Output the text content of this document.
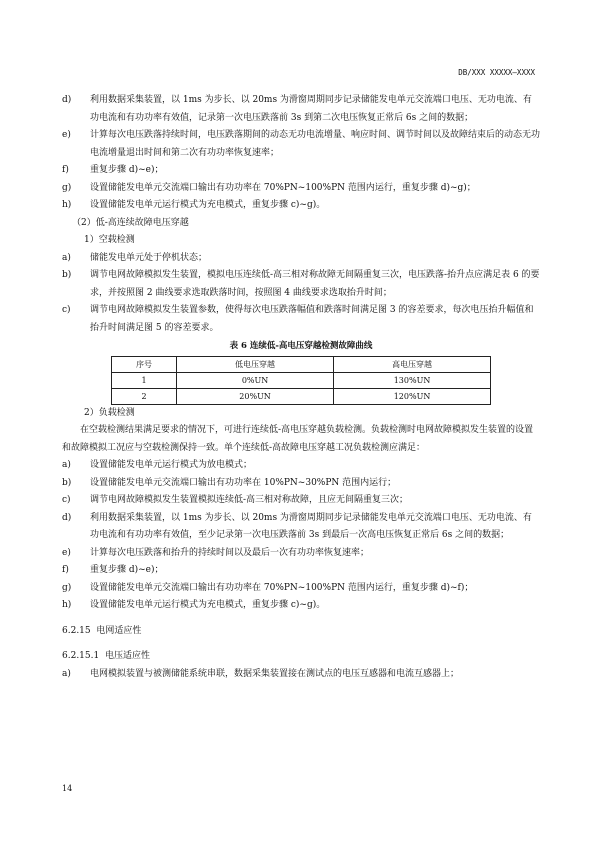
DB/XXX XXXXX—XXXX
d)	利用数据采集装置，以 1ms 为步长、以 20ms 为滑窗周期同步记录储能发电单元交流端口电压、无功电流、有功电流和有功功率有效值，记录第一次电压跌落前 3s 到第二次电压恢复正常后 6s 之间的数据；
e)	计算每次电压跌落持续时间，电压跌落期间的动态无功电流增量、响应时间、调节时间以及故障结束后的动态无功电流增量退出时间和第二次有功功率恢复速率；
f)	重复步骤 d)~e)；
g)	设置储能发电单元交流端口输出有功功率在 70%PN~100%PN 范围内运行，重复步骤 d)~g)；
h)	设置储能发电单元运行模式为充电模式，重复步骤 c)~g)。
（2）低-高连续故障电压穿越
1）空载检测
a)	储能发电单元处于停机状态；
b)	调节电网故障模拟发生装置，模拟电压连续低-高三相对称故障无间隔重复三次，电压跌落-抬升点应满足表 6 的要求，并按照图 2 曲线要求选取跌落时间，按照图 4 曲线要求选取抬升时间；
c)	调节电网故障模拟发生装置参数，使得每次电压跌落幅值和跌落时间满足图 3 的容差要求，每次电压抬升幅值和抬升时间满足图 5 的容差要求。
表 6 连续低-高电压穿越检测故障曲线
序号	低电压穿越	高电压穿越
1	0%UN	130%UN
2	20%UN	120%UN
2）负载检测
在空载检测结果满足要求的情况下，可进行连续低-高电压穿越负载检测。负载检测时电网故障模拟发生装置的设置和故障模拟工况应与空载检测保持一致。单个连续低-高故障电压穿越工况负载检测应满足：
a)	设置储能发电单元运行模式为放电模式；
b)	设置储能发电单元交流端口输出有功功率在 10%PN~30%PN 范围内运行；
c)	调节电网故障模拟发生装置模拟连续低-高三相对称故障，且应无间隔重复三次；
d)	利用数据采集装置，以 1ms 为步长、以 20ms 为滑窗周期同步记录储能发电单元交流端口电压、无功电流、有功电流和有功功率有效值，至少记录第一次电压跌落前 3s 到最后一次高电压恢复正常后 6s 之间的数据；
e)	计算每次电压跌落和抬升的持续时间以及最后一次有功功率恢复速率；
f)	重复步骤 d)~e)；
g)	设置储能发电单元交流端口输出有功功率在 70%PN~100%PN 范围内运行，重复步骤 d)~f)；
h)	设置储能发电单元运行模式为充电模式，重复步骤 c)~g)。
6.2.15 电网适应性
6.2.15.1 电压适应性
a)	电网模拟装置与被测储能系统串联，数据采集装置接在测试点的电压互感器和电流互感器上；
14
